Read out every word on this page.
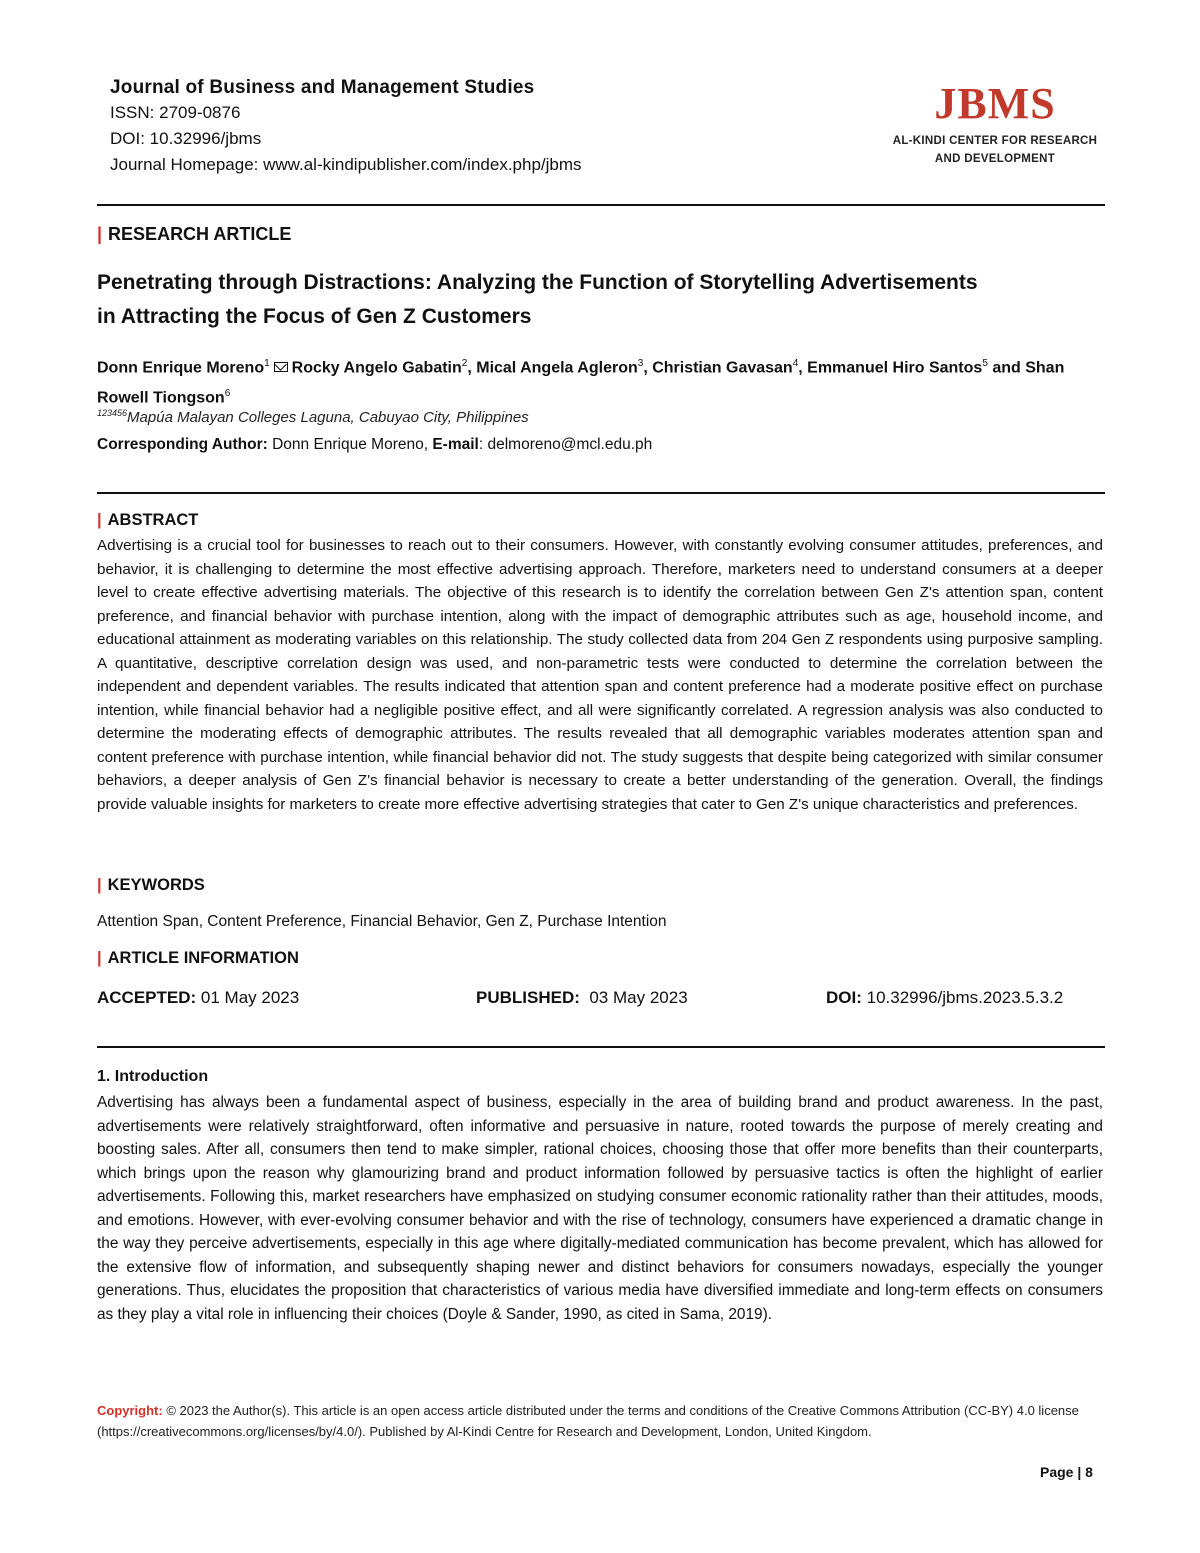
Journal of Business and Management Studies
ISSN: 2709-0876
DOI: 10.32996/jbms
Journal Homepage: www.al-kindipublisher.com/index.php/jbms
JBMS
AL-KINDI CENTER FOR RESEARCH
AND DEVELOPMENT
| RESEARCH ARTICLE
Penetrating through Distractions: Analyzing the Function of Storytelling Advertisements
in Attracting the Focus of Gen Z Customers
Donn Enrique Moreno$^1$ Rocky Angelo Gabatin$^2$, Mical Angela Agleron$^3$, Christian Gavasan$^4$, Emmanuel Hiro Santos$^5$ and Shan Rowell Tiongson$^6$
$^{123456}$Mapúa Malayan Colleges Laguna, Cabuyao City, Philippines
Corresponding Author: Donn Enrique Moreno, E-mail: delmoreno@mcl.edu.ph
| ABSTRACT
Advertising is a crucial tool for businesses to reach out to their consumers. However, with constantly evolving consumer attitudes, preferences, and behavior, it is challenging to determine the most effective advertising approach. Therefore, marketers need to understand consumers at a deeper level to create effective advertising materials. The objective of this research is to identify the correlation between Gen Z's attention span, content preference, and financial behavior with purchase intention, along with the impact of demographic attributes such as age, household income, and educational attainment as moderating variables on this relationship. The study collected data from 204 Gen Z respondents using purposive sampling. A quantitative, descriptive correlation design was used, and non-parametric tests were conducted to determine the correlation between the independent and dependent variables. The results indicated that attention span and content preference had a moderate positive effect on purchase intention, while financial behavior had a negligible positive effect, and all were significantly correlated. A regression analysis was also conducted to determine the moderating effects of demographic attributes. The results revealed that all demographic variables moderates attention span and content preference with purchase intention, while financial behavior did not. The study suggests that despite being categorized with similar consumer behaviors, a deeper analysis of Gen Z's financial behavior is necessary to create a better understanding of the generation. Overall, the findings provide valuable insights for marketers to create more effective advertising strategies that cater to Gen Z's unique characteristics and preferences.
| KEYWORDS
Attention Span, Content Preference, Financial Behavior, Gen Z, Purchase Intention
| ARTICLE INFORMATION
ACCEPTED: 01 May 2023	PUBLISHED:  03 May 2023	DOI: 10.32996/jbms.2023.5.3.2
1. Introduction
Advertising has always been a fundamental aspect of business, especially in the area of building brand and product awareness. In the past, advertisements were relatively straightforward, often informative and persuasive in nature, rooted towards the purpose of merely creating and boosting sales. After all, consumers then tend to make simpler, rational choices, choosing those that offer more benefits than their counterparts, which brings upon the reason why glamourizing brand and product information followed by persuasive tactics is often the highlight of earlier advertisements. Following this, market researchers have emphasized on studying consumer economic rationality rather than their attitudes, moods, and emotions. However, with ever-evolving consumer behavior and with the rise of technology, consumers have experienced a dramatic change in the way they perceive advertisements, especially in this age where digitally-mediated communication has become prevalent, which has allowed for the extensive flow of information, and subsequently shaping newer and distinct behaviors for consumers nowadays, especially the younger generations. Thus, elucidates the proposition that characteristics of various media have diversified immediate and long-term effects on consumers as they play a vital role in influencing their choices (Doyle & Sander, 1990, as cited in Sama, 2019).
Copyright: © 2023 the Author(s). This article is an open access article distributed under the terms and conditions of the Creative Commons Attribution (CC-BY) 4.0 license (https://creativecommons.org/licenses/by/4.0/). Published by Al-Kindi Centre for Research and Development, London, United Kingdom.
Page | 8
